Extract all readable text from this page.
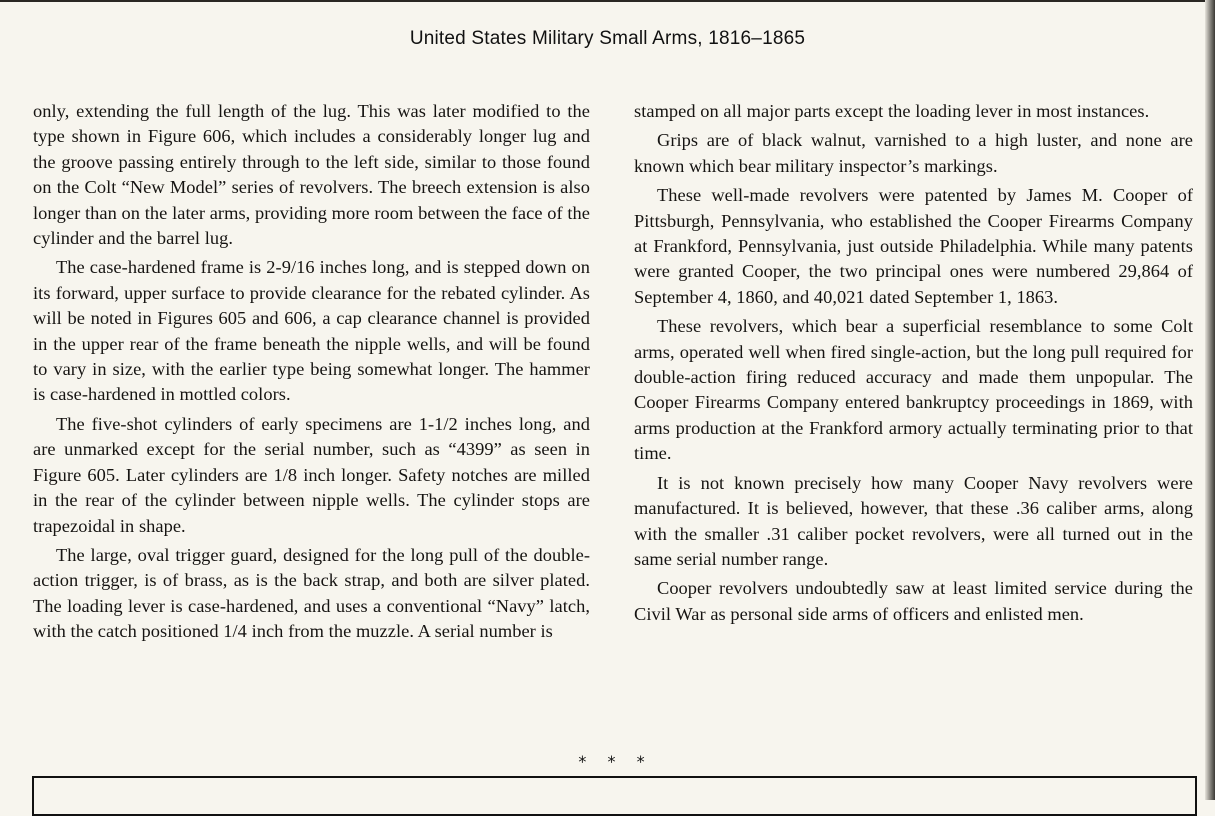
United States Military Small Arms, 1816–1865

only, extending the full length of the lug. This was later modified to the type shown in Figure 606, which includes a considerably longer lug and the groove passing entirely through to the left side, similar to those found on the Colt “New Model” series of revolvers. The breech extension is also longer than on the later arms, providing more room between the face of the cylinder and the barrel lug.

The case-hardened frame is 2-9/16 inches long, and is stepped down on its forward, upper surface to provide clearance for the rebated cylinder. As will be noted in Figures 605 and 606, a cap clearance channel is provided in the upper rear of the frame beneath the nipple wells, and will be found to vary in size, with the earlier type being somewhat longer. The hammer is case-hardened in mottled colors.

The five-shot cylinders of early specimens are 1-1/2 inches long, and are unmarked except for the serial number, such as “4399” as seen in Figure 605. Later cylinders are 1/8 inch longer. Safety notches are milled in the rear of the cylinder between nipple wells. The cylinder stops are trapezoidal in shape.

The large, oval trigger guard, designed for the long pull of the double-action trigger, is of brass, as is the back strap, and both are silver plated. The loading lever is case-hardened, and uses a conventional “Navy” latch, with the catch positioned 1/4 inch from the muzzle. A serial number is

stamped on all major parts except the loading lever in most instances.

Grips are of black walnut, varnished to a high luster, and none are known which bear military inspector’s markings.

These well-made revolvers were patented by James M. Cooper of Pittsburgh, Pennsylvania, who established the Cooper Firearms Company at Frankford, Pennsylvania, just outside Philadelphia. While many patents were granted Cooper, the two principal ones were numbered 29,864 of September 4, 1860, and 40,021 dated September 1, 1863.

These revolvers, which bear a superficial resemblance to some Colt arms, operated well when fired single-action, but the long pull required for double-action firing reduced accuracy and made them unpopular. The Cooper Firearms Company entered bankruptcy proceedings in 1869, with arms production at the Frankford armory actually terminating prior to that time.

It is not known precisely how many Cooper Navy revolvers were manufactured. It is believed, however, that these .36 caliber arms, along with the smaller .31 caliber pocket revolvers, were all turned out in the same serial number range.

Cooper revolvers undoubtedly saw at least limited service during the Civil War as personal side arms of officers and enlisted men.

* * *
